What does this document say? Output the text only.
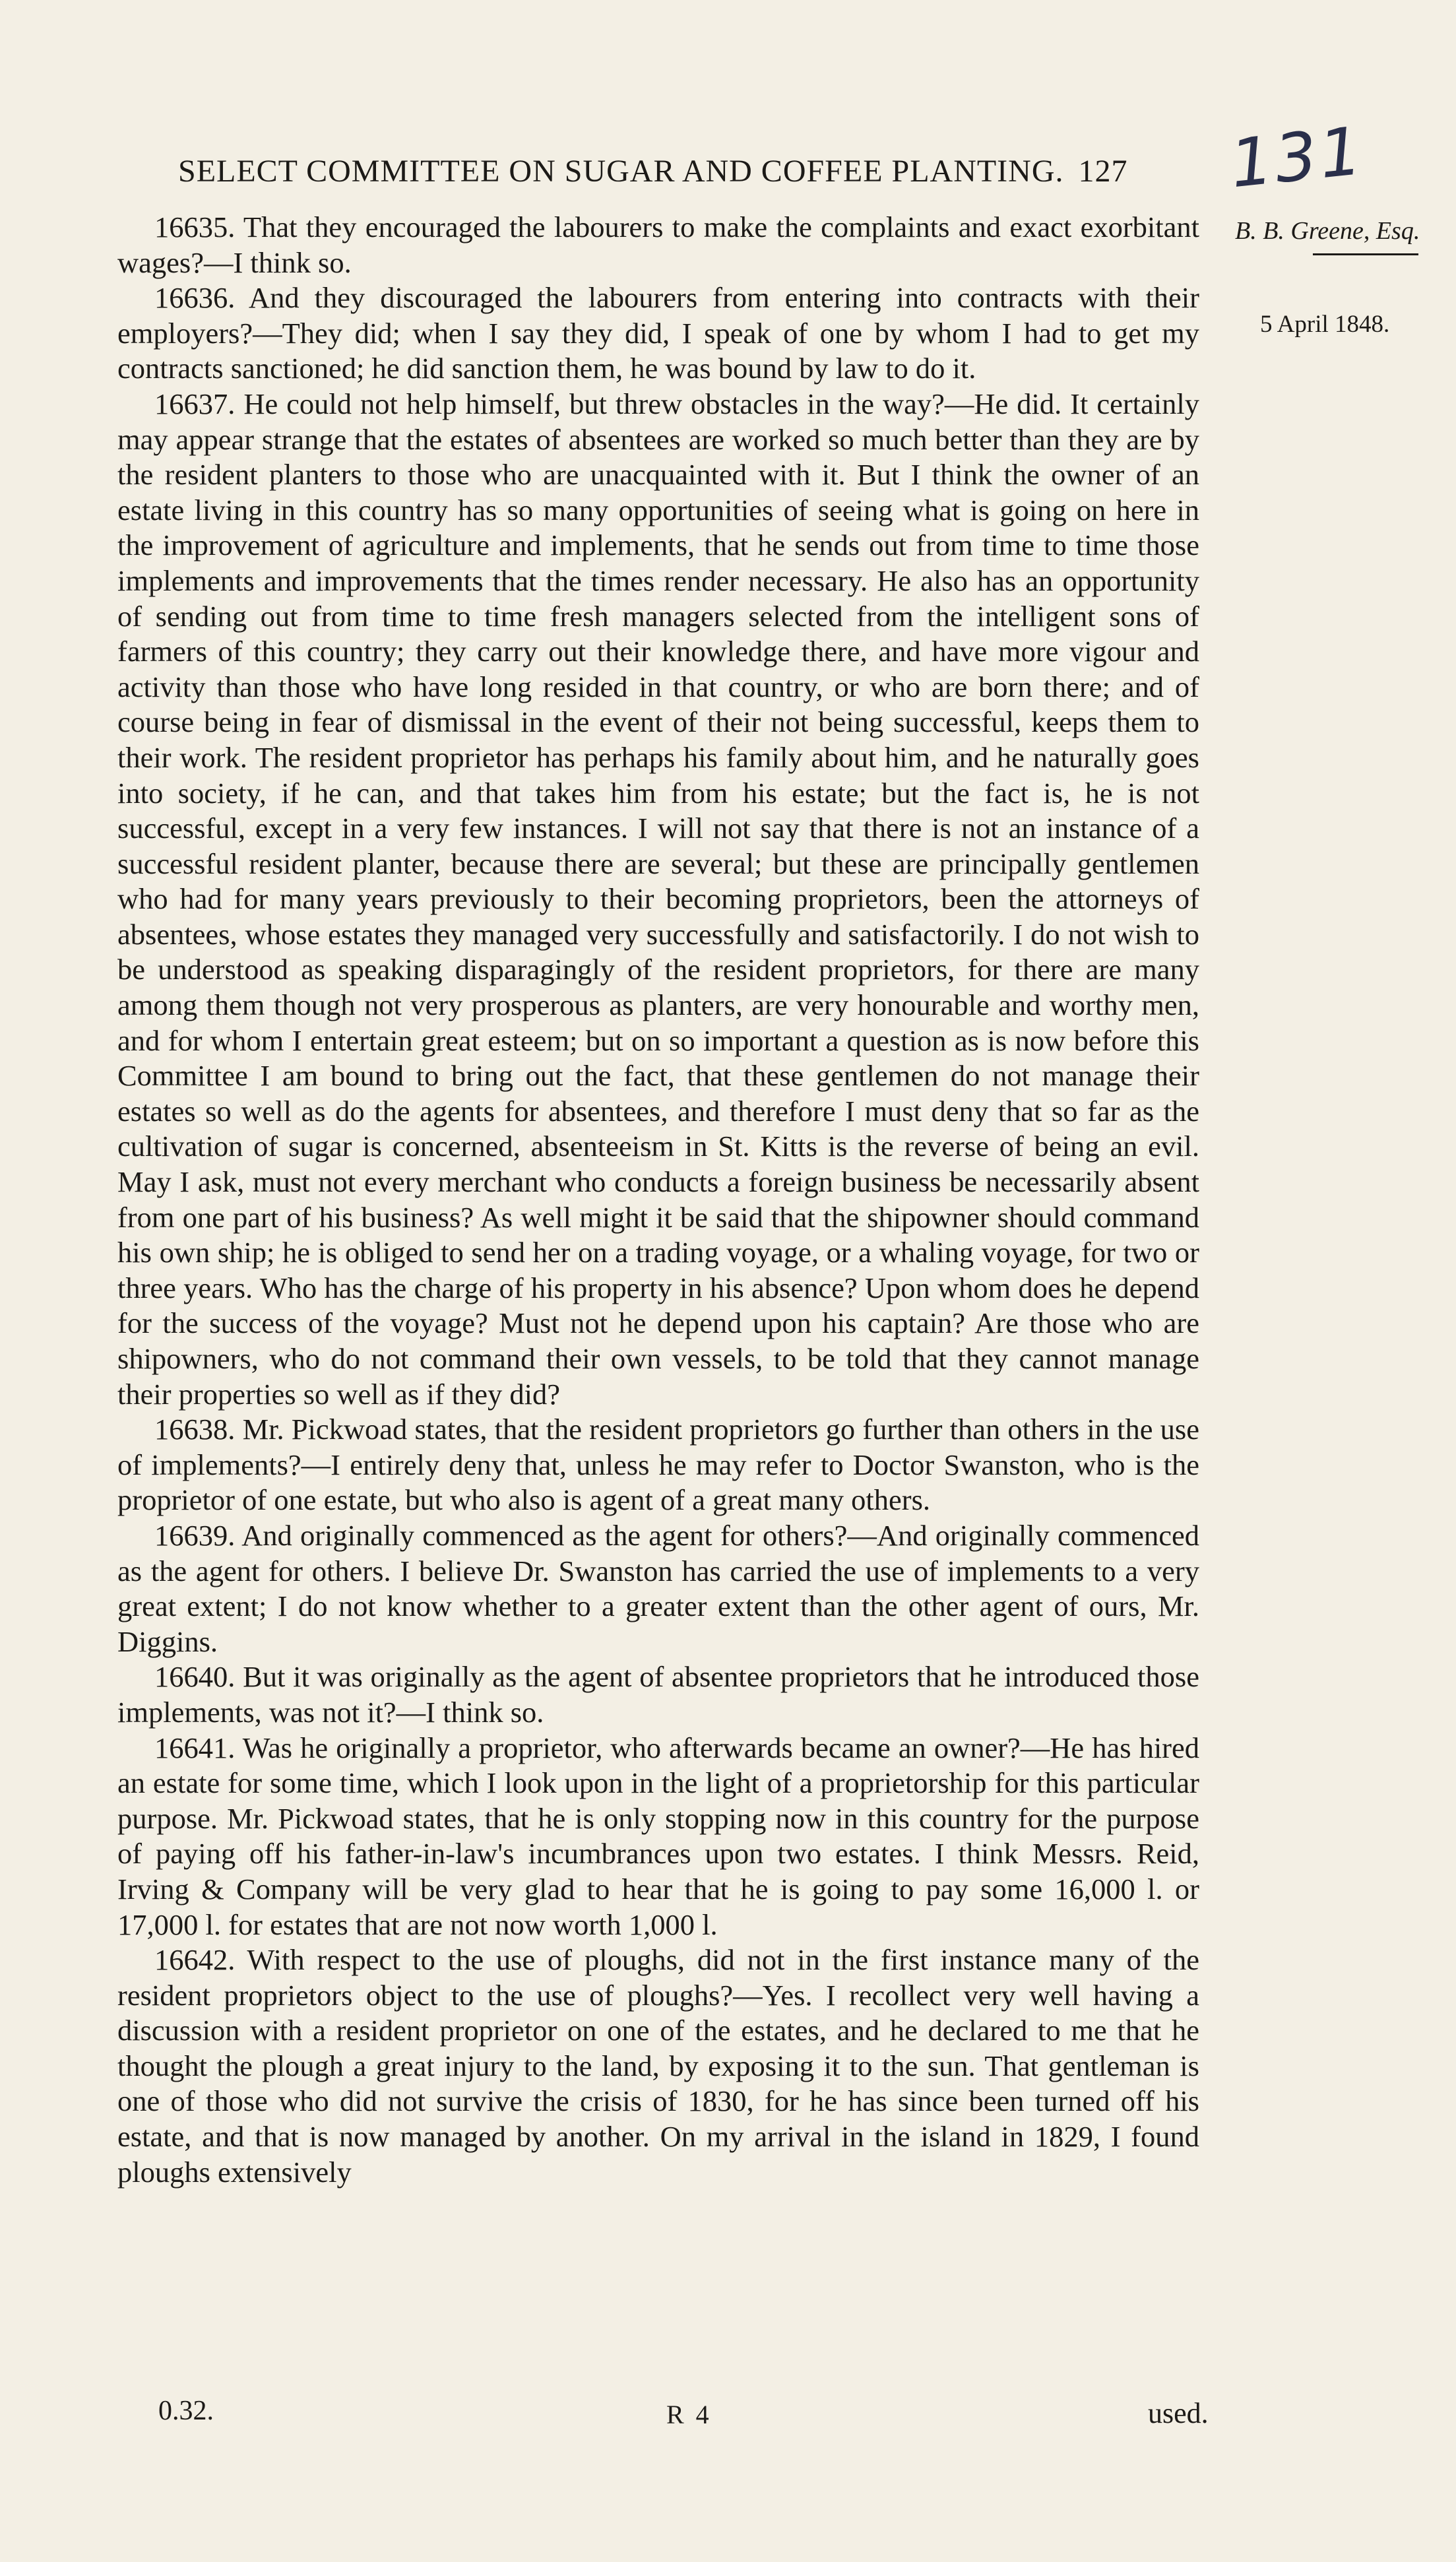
SELECT COMMITTEE ON SUGAR AND COFFEE PLANTING. 127	131
B. B. Greene, Esq.
5 April 1848.

16635. That they encouraged the labourers to make the complaints and exact exorbitant wages?—I think so.

16636. And they discouraged the labourers from entering into contracts with their employers?—They did; when I say they did, I speak of one by whom I had to get my contracts sanctioned; he did sanction them, he was bound by law to do it.

16637. He could not help himself, but threw obstacles in the way?—He did. It certainly may appear strange that the estates of absentees are worked so much better than they are by the resident planters to those who are unacquainted with it. But I think the owner of an estate living in this country has so many opportunities of seeing what is going on here in the improvement of agriculture and implements, that he sends out from time to time those implements and improvements that the times render necessary. He also has an opportunity of sending out from time to time fresh managers selected from the intelligent sons of farmers of this country; they carry out their knowledge there, and have more vigour and activity than those who have long resided in that country, or who are born there; and of course being in fear of dismissal in the event of their not being successful, keeps them to their work. The resident proprietor has perhaps his family about him, and he naturally goes into society, if he can, and that takes him from his estate; but the fact is, he is not successful, except in a very few instances. I will not say that there is not an instance of a successful resident planter, because there are several; but these are principally gentlemen who had for many years previously to their becoming proprietors, been the attorneys of absentees, whose estates they managed very successfully and satisfactorily. I do not wish to be understood as speaking disparagingly of the resident proprietors, for there are many among them though not very prosperous as planters, are very honourable and worthy men, and for whom I entertain great esteem; but on so important a question as is now before this Committee I am bound to bring out the fact, that these gentlemen do not manage their estates so well as do the agents for absentees, and therefore I must deny that so far as the cultivation of sugar is concerned, absenteeism in St. Kitts is the reverse of being an evil. May I ask, must not every merchant who conducts a foreign business be necessarily absent from one part of his business? As well might it be said that the shipowner should command his own ship; he is obliged to send her on a trading voyage, or a whaling voyage, for two or three years. Who has the charge of his property in his absence? Upon whom does he depend for the success of the voyage? Must not he depend upon his captain? Are those who are shipowners, who do not command their own vessels, to be told that they cannot manage their properties so well as if they did?

16638. Mr. Pickwoad states, that the resident proprietors go further than others in the use of implements?—I entirely deny that, unless he may refer to Doctor Swanston, who is the proprietor of one estate, but who also is agent of a great many others.

16639. And originally commenced as the agent for others?—And originally commenced as the agent for others. I believe Dr. Swanston has carried the use of implements to a very great extent; I do not know whether to a greater extent than the other agent of ours, Mr. Diggins.

16640. But it was originally as the agent of absentee proprietors that he introduced those implements, was not it?—I think so.

16641. Was he originally a proprietor, who afterwards became an owner?—He has hired an estate for some time, which I look upon in the light of a proprietorship for this particular purpose. Mr. Pickwoad states, that he is only stopping now in this country for the purpose of paying off his father-in-law's incumbrances upon two estates. I think Messrs. Reid, Irving & Company will be very glad to hear that he is going to pay some 16,000 l. or 17,000 l. for estates that are not now worth 1,000 l.

16642. With respect to the use of ploughs, did not in the first instance many of the resident proprietors object to the use of ploughs?—Yes. I recollect very well having a discussion with a resident proprietor on one of the estates, and he declared to me that he thought the plough a great injury to the land, by exposing it to the sun. That gentleman is one of those who did not survive the crisis of 1830, for he has since been turned off his estate, and that is now managed by another. On my arrival in the island in 1829, I found ploughs extensively

0.32.	R 4	used.
